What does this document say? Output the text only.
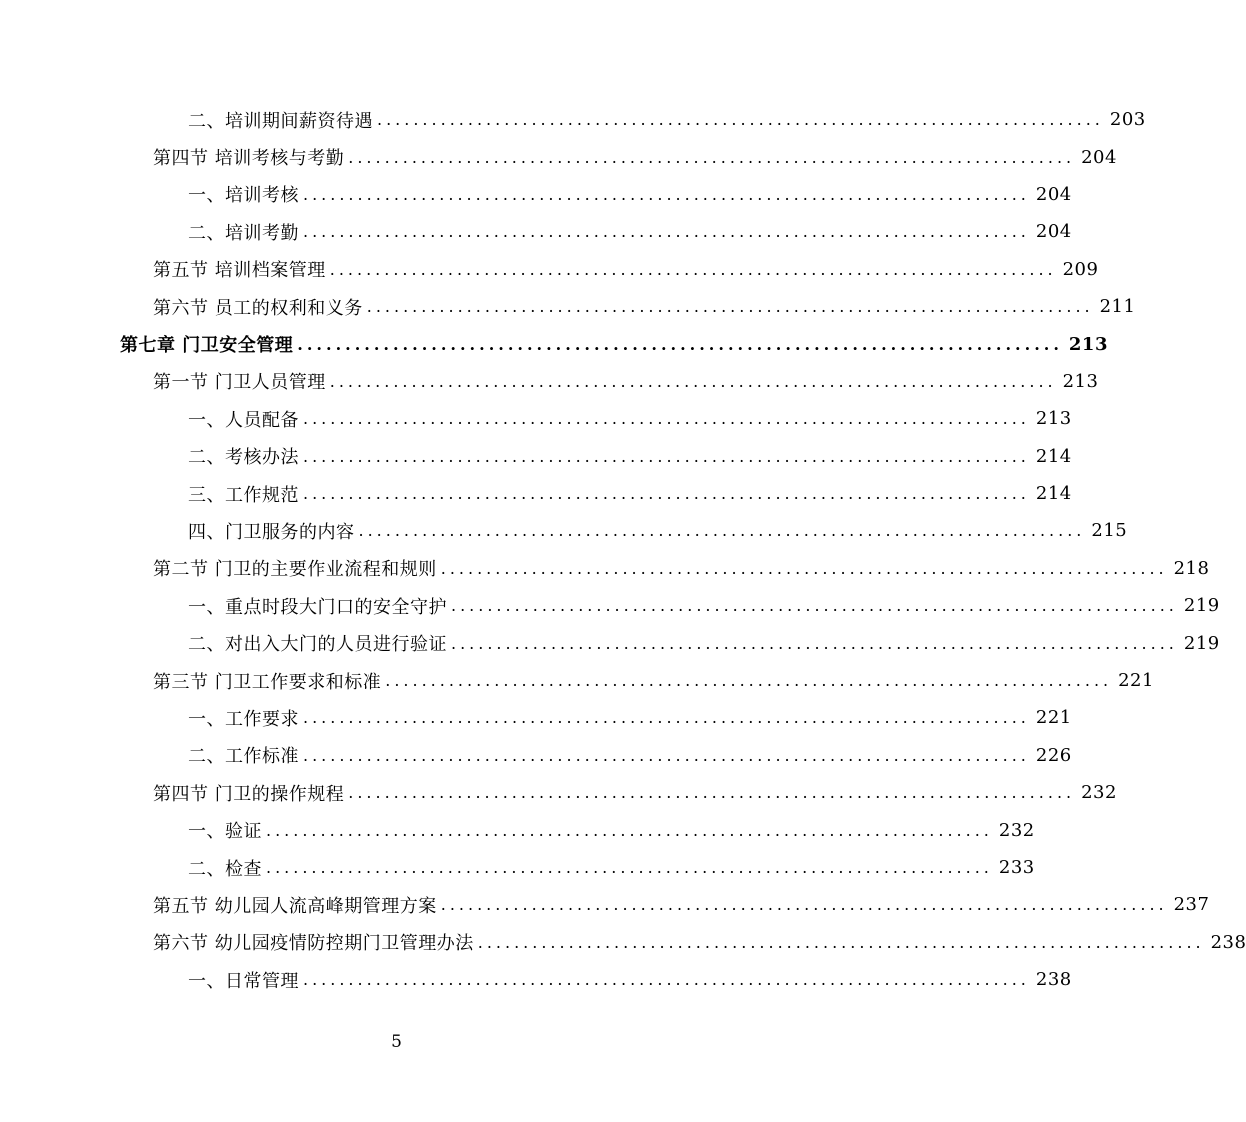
二、培训期间薪资待遇 ................................................................................ 203
第四节 培训考核与考勤 ................................................................................ 204
一、培训考核 ................................................................................ 204
二、培训考勤 ................................................................................ 204
第五节 培训档案管理 ................................................................................ 209
第六节 员工的权利和义务 ................................................................................ 211
第七章 门卫安全管理 ................................................................................ 213
第一节 门卫人员管理 ................................................................................ 213
一、人员配备 ................................................................................ 213
二、考核办法 ................................................................................ 214
三、工作规范 ................................................................................ 214
四、门卫服务的内容 ................................................................................ 215
第二节 门卫的主要作业流程和规则 ................................................................................ 218
一、重点时段大门口的安全守护 ................................................................................ 219
二、对出入大门的人员进行验证 ................................................................................ 219
第三节 门卫工作要求和标准 ................................................................................ 221
一、工作要求 ................................................................................ 221
二、工作标准 ................................................................................ 226
第四节 门卫的操作规程 ................................................................................ 232
一、验证 ................................................................................ 232
二、检查 ................................................................................ 233
第五节 幼儿园人流高峰期管理方案 ................................................................................ 237
第六节 幼儿园疫情防控期门卫管理办法 ................................................................................ 238
一、日常管理 ................................................................................ 238
5
